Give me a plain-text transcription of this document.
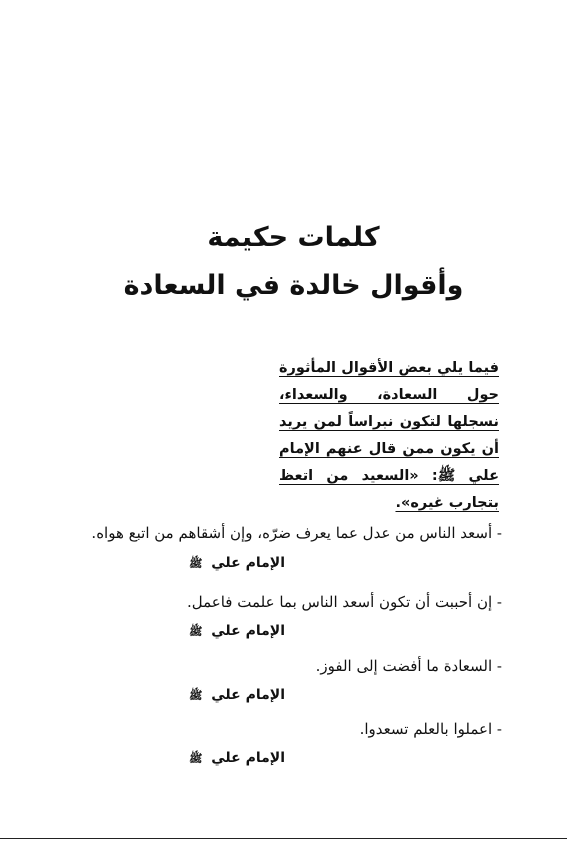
كلمات حكيمة
وأقوال خالدة في السعادة

فيما يلي بعض الأقوال المأثورة حول السعادة، والسعداء، نسجلها لتكون نبراساً لمن يريد أن يكون ممن قال عنهم الإمام علي ﷺ: «السعيد من اتعظ بتجارب غيره».

- أسعد الناس من عدل عما يعرف ضرّه، وإن أشقاهم من اتبع هواه.

الإمام علي ﷺ

- إن أحببت أن تكون أسعد الناس بما علمت فاعمل.

الإمام علي ﷺ

- السعادة ما أفضت إلى الفوز.

الإمام علي ﷺ

- اعملوا بالعلم تسعدوا.

الإمام علي ﷺ
